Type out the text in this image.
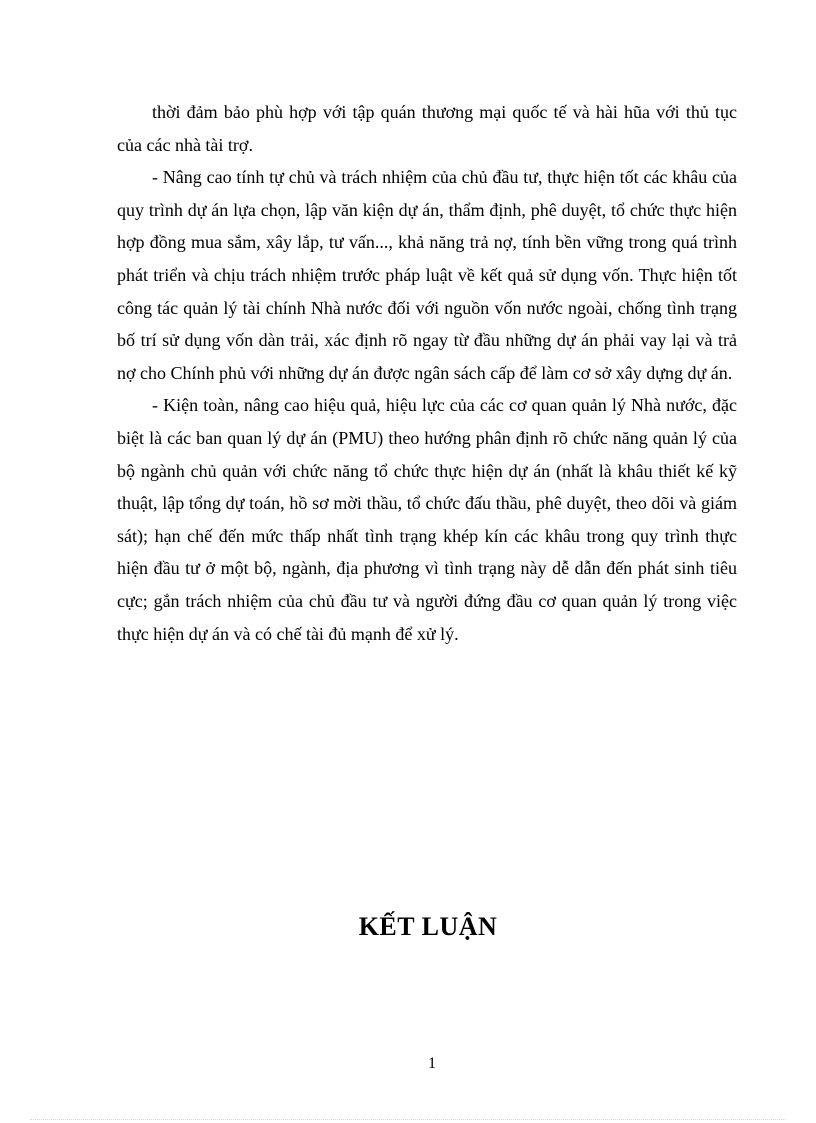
thời đảm bảo phù hợp với tập quán thương mại quốc tế và hài hũa với thủ tục của các nhà tài trợ.

- Nâng cao tính tự chủ và trách nhiệm của chủ đầu tư, thực hiện tốt các khâu của quy trình dự án lựa chọn, lập văn kiện dự án, thẩm định, phê duyệt, tổ chức thực hiện hợp đồng mua sắm, xây lắp, tư vấn..., khả năng trả nợ, tính bền vững trong quá trình phát triển và chịu trách nhiệm trước pháp luật về kết quả sử dụng vốn. Thực hiện tốt công tác quản lý tài chính Nhà nước đối với nguồn vốn nước ngoài, chống tình trạng bố trí sử dụng vốn dàn trải, xác định rõ ngay từ đầu những dự án phải vay lại và trả nợ cho Chính phủ với những dự án được ngân sách cấp để làm cơ sở xây dựng dự án.

- Kiện toàn, nâng cao hiệu quả, hiệu lực của các cơ quan quản lý Nhà nước, đặc biệt là các ban quan lý dự án (PMU) theo hướng phân định rõ chức năng quản lý của bộ ngành chủ quản với chức năng tổ chức thực hiện dự án (nhất là khâu thiết kế kỹ thuật, lập tổng dự toán, hồ sơ mời thầu, tổ chức đấu thầu, phê duyệt, theo dõi và giám sát); hạn chế đến mức thấp nhất tình trạng khép kín các khâu trong quy trình thực hiện đầu tư ở một bộ, ngành, địa phương vì tình trạng này dễ dẫn đến phát sinh tiêu cực; gắn trách nhiệm của chủ đầu tư và người đứng đầu cơ quan quản lý trong việc thực hiện dự án và có chế tài đủ mạnh để xử lý.

KẾT LUẬN
1
